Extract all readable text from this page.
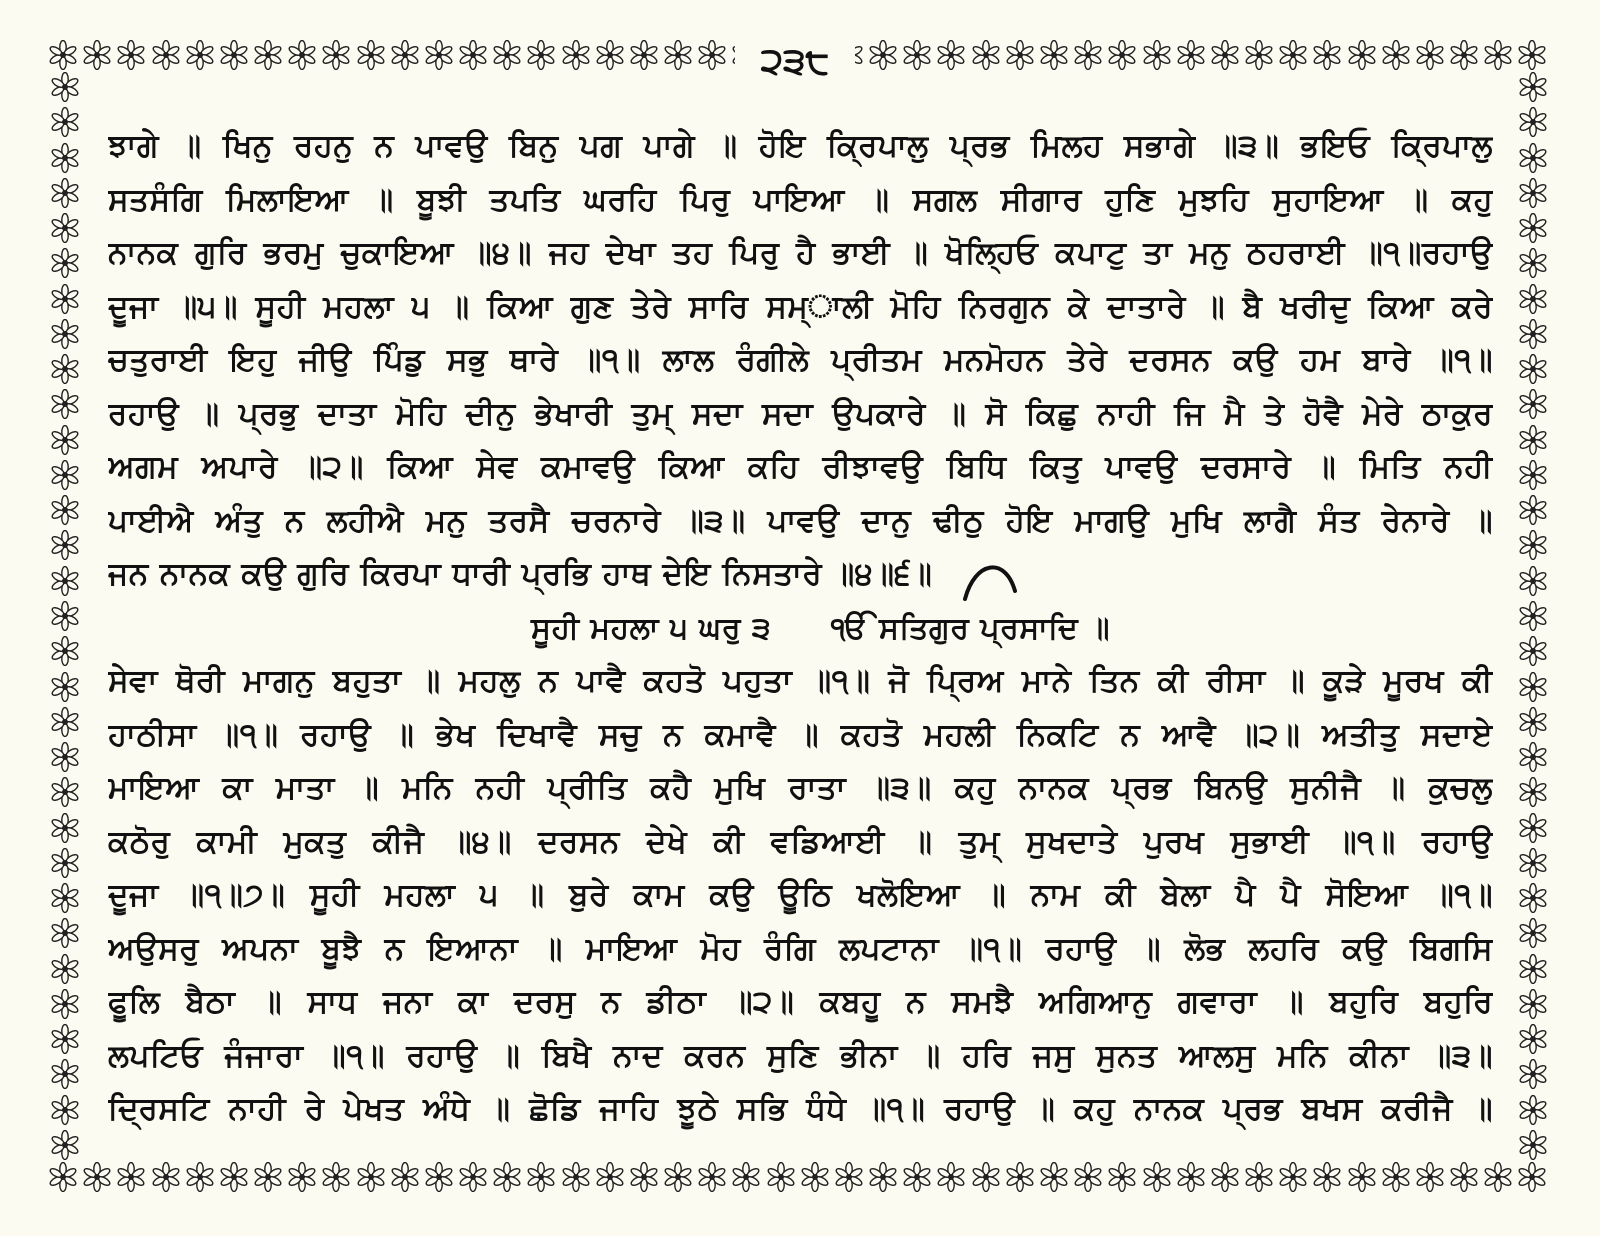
੨੩੮
ਝਾਗੇ ॥ ਖਿਨੁ ਰਹਨੁ ਨ ਪਾਵਉ ਬਿਨੁ ਪਗ ਪਾਗੇ ॥ ਹੋਇ ਕ੍ਰਿਪਾਲੁ ਪ੍ਰਭ ਮਿਲਹ ਸਭਾਗੇ ॥੩॥ ਭਇਓ ਕ੍ਰਿਪਾਲੁ
ਸਤਸੰਗਿ ਮਿਲਾਇਆ ॥ ਬੂਝੀ ਤਪਤਿ ਘਰਹਿ ਪਿਰੁ ਪਾਇਆ ॥ ਸਗਲ ਸੀਗਾਰ ਹੁਣਿ ਮੁਝਹਿ ਸੁਹਾਇਆ ॥ ਕਹੁ
ਨਾਨਕ ਗੁਰਿ ਭਰਮੁ ਚੁਕਾਇਆ ॥੪॥ ਜਹ ਦੇਖਾ ਤਹ ਪਿਰੁ ਹੈ ਭਾਈ ॥ ਖੋਲ੍ਹਿਓ ਕਪਾਟੁ ਤਾ ਮਨੁ ਠਹਰਾਈ ॥੧॥ਰਹਾਉ
ਦੂਜਾ ॥੫॥ ਸੂਹੀ ਮਹਲਾ ੫ ॥ ਕਿਆ ਗੁਣ ਤੇਰੇ ਸਾਰਿ ਸਮ੍ਾਲੀ ਮੋਹਿ ਨਿਰਗੁਨ ਕੇ ਦਾਤਾਰੇ ॥ ਬੈ ਖਰੀਦੁ ਕਿਆ ਕਰੇ
ਚਤੁਰਾਈ ਇਹੁ ਜੀਉ ਪਿੰਡੁ ਸਭੁ ਥਾਰੇ ॥੧॥ ਲਾਲ ਰੰਗੀਲੇ ਪ੍ਰੀਤਮ ਮਨਮੋਹਨ ਤੇਰੇ ਦਰਸਨ ਕਉ ਹਮ ਬਾਰੇ ॥੧॥
ਰਹਾਉ ॥ ਪ੍ਰਭੁ ਦਾਤਾ ਮੋਹਿ ਦੀਨੁ ਭੇਖਾਰੀ ਤੁਮ੍ ਸਦਾ ਸਦਾ ਉਪਕਾਰੇ ॥ ਸੋ ਕਿਛੁ ਨਾਹੀ ਜਿ ਮੈ ਤੇ ਹੋਵੈ ਮੇਰੇ ਠਾਕੁਰ
ਅਗਮ ਅਪਾਰੇ ॥੨॥ ਕਿਆ ਸੇਵ ਕਮਾਵਉ ਕਿਆ ਕਹਿ ਰੀਝਾਵਉ ਬਿਧਿ ਕਿਤੁ ਪਾਵਉ ਦਰਸਾਰੇ ॥ ਮਿਤਿ ਨਹੀ
ਪਾਈਐ ਅੰਤੁ ਨ ਲਹੀਐ ਮਨੁ ਤਰਸੈ ਚਰਨਾਰੇ ॥੩॥ ਪਾਵਉ ਦਾਨੁ ਢੀਠੁ ਹੋਇ ਮਾਗਉ ਮੁਖਿ ਲਾਗੈ ਸੰਤ ਰੇਨਾਰੇ ॥
ਜਨ ਨਾਨਕ ਕਉ ਗੁਰਿ ਕਿਰਪਾ ਧਾਰੀ ਪ੍ਰਭਿ ਹਾਥ ਦੇਇ ਨਿਸਤਾਰੇ ॥੪॥੬॥
ਸੂਹੀ ਮਹਲਾ ੫ ਘਰੁ ੩ ੴ ਸਤਿਗੁਰ ਪ੍ਰਸਾਦਿ ॥
ਸੇਵਾ ਥੋਰੀ ਮਾਗਨੁ ਬਹੁਤਾ ॥ ਮਹਲੁ ਨ ਪਾਵੈ ਕਹਤੋ ਪਹੁਤਾ ॥੧॥ ਜੋ ਪ੍ਰਿਅ ਮਾਨੇ ਤਿਨ ਕੀ ਰੀਸਾ ॥ ਕੂੜੇ ਮੂਰਖ ਕੀ
ਹਾਠੀਸਾ ॥੧॥ ਰਹਾਉ ॥ ਭੇਖ ਦਿਖਾਵੈ ਸਚੁ ਨ ਕਮਾਵੈ ॥ ਕਹਤੋ ਮਹਲੀ ਨਿਕਟਿ ਨ ਆਵੈ ॥੨॥ ਅਤੀਤੁ ਸਦਾਏ
ਮਾਇਆ ਕਾ ਮਾਤਾ ॥ ਮਨਿ ਨਹੀ ਪ੍ਰੀਤਿ ਕਹੈ ਮੁਖਿ ਰਾਤਾ ॥੩॥ ਕਹੁ ਨਾਨਕ ਪ੍ਰਭ ਬਿਨਉ ਸੁਨੀਜੈ ॥ ਕੁਚਲੁ
ਕਠੋਰੁ ਕਾਮੀ ਮੁਕਤੁ ਕੀਜੈ ॥੪॥ ਦਰਸਨ ਦੇਖੇ ਕੀ ਵਡਿਆਈ ॥ ਤੁਮ੍ ਸੁਖਦਾਤੇ ਪੁਰਖ ਸੁਭਾਈ ॥੧॥ ਰਹਾਉ
ਦੂਜਾ ॥੧॥੭॥ ਸੂਹੀ ਮਹਲਾ ੫ ॥ ਬੁਰੇ ਕਾਮ ਕਉ ਊਠਿ ਖਲੋਇਆ ॥ ਨਾਮ ਕੀ ਬੇਲਾ ਪੈ ਪੈ ਸੋਇਆ ॥੧॥
ਅਉਸਰੁ ਅਪਨਾ ਬੂਝੈ ਨ ਇਆਨਾ ॥ ਮਾਇਆ ਮੋਹ ਰੰਗਿ ਲਪਟਾਨਾ ॥੧॥ ਰਹਾਉ ॥ ਲੋਭ ਲਹਰਿ ਕਉ ਬਿਗਸਿ
ਫੂਲਿ ਬੈਠਾ ॥ ਸਾਧ ਜਨਾ ਕਾ ਦਰਸੁ ਨ ਡੀਠਾ ॥੨॥ ਕਬਹੂ ਨ ਸਮਝੈ ਅਗਿਆਨੁ ਗਵਾਰਾ ॥ ਬਹੁਰਿ ਬਹੁਰਿ
ਲਪਟਿਓ ਜੰਜਾਰਾ ॥੧॥ ਰਹਾਉ ॥ ਬਿਖੈ ਨਾਦ ਕਰਨ ਸੁਣਿ ਭੀਨਾ ॥ ਹਰਿ ਜਸੁ ਸੁਨਤ ਆਲਸੁ ਮਨਿ ਕੀਨਾ ॥੩॥
ਦ੍ਰਿਸਟਿ ਨਾਹੀ ਰੇ ਪੇਖਤ ਅੰਧੇ ॥ ਛੋਡਿ ਜਾਹਿ ਝੂਠੇ ਸਭਿ ਧੰਧੇ ॥੧॥ ਰਹਾਉ ॥ ਕਹੁ ਨਾਨਕ ਪ੍ਰਭ ਬਖਸ ਕਰੀਜੈ ॥
